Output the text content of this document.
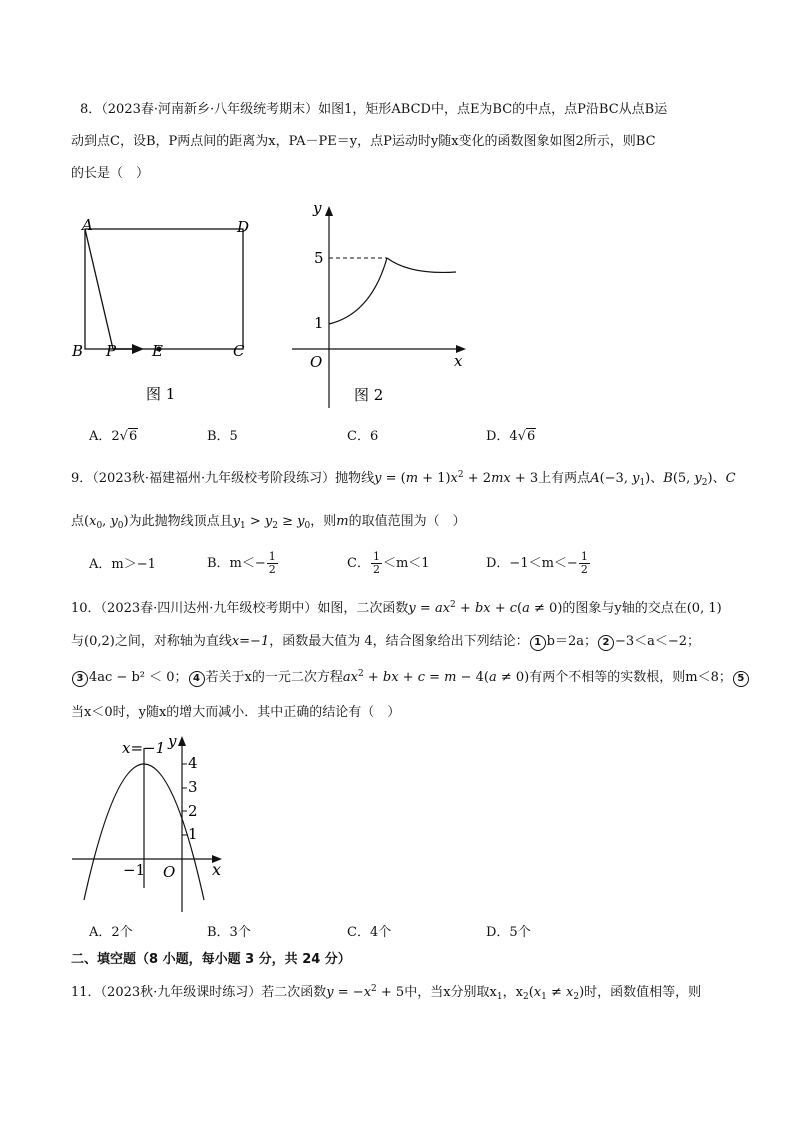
8．（2023春·河南新乡·八年级统考期末）如图1，矩形ABCD中，点E为BC的中点，点P沿BC从点B运
动到点C，设B，P两点间的距离为x，PA－PE＝y，点P运动时y随x变化的函数图象如图2所示，则BC
的长是（　）
A	D
B P E	C
图 1
y
x
O
5
1
图 2
A．2√6	B．5	C．6	D．4√6
9．（2023秋·福建福州·九年级校考阶段练习）抛物线$y = (m + 1)x^2 + 2mx + 3$上有两点A(−3, $y_1$)、B(5, $y_2$)、C
点($x_0$, $y_0$)为此抛物线顶点且$y_1 > y_2 \ge y_0$，则m的取值范围为（　）
A．m＞−1	B．$m<- \frac{1}{2}$	C． $\frac{1}{2} <m<1$	D．$-1<m<- \frac{1}{2}$
10．（2023春·四川达州·九年级校考期中）如图，二次函数$y = ax^2$ + bx + c(a ≠ 0)的图象与y轴的交点在(0, 1)
与(0,2)之间，对称轴为直线x=−1，函数最大值为 4，结合图象给出下列结论： 1 b＝2a； 2 −3＜a＜−2；
3 4ac − b² ＜ 0； 4 若关于x的一元二次方程$ax^2$ + bx + c = m − 4(a ≠ 0)有两个不相等的实数根，则m＜8； 5
当x＜0时，y随x的增大而减小．其中正确的结论有（　）
x=−1 y
x
O
−1
4
3
2
1
A．2个	B．3个	C．4个	D．5个
二、填空题（8 小题，每小题 3 分，共 24 分）
11．（2023秋·九年级课时练习）若二次函数$y = -x^2 + 5$中，当x分别取$x_1$，$x_2(x_1 \ne x_2)$时，函数值相等，则
